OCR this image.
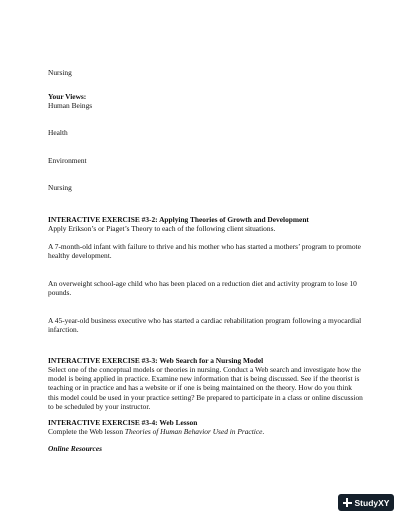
Nursing
Your Views:
Human Beings
Health
Environment
Nursing
INTERACTIVE EXERCISE #3-2: Applying Theories of Growth and Development
Apply Erikson’s or Piaget’s Theory to each of the following client situations.
A 7-month-old infant with failure to thrive and his mother who has started a mothers’ program to promote healthy development.
An overweight school-age child who has been placed on a reduction diet and activity program to lose 10 pounds.
A 45-year-old business executive who has started a cardiac rehabilitation program following a myocardial infarction.
INTERACTIVE EXERCISE #3-3: Web Search for a Nursing Model
Select one of the conceptual models or theories in nursing. Conduct a Web search and investigate how the model is being applied in practice. Examine new information that is being discussed. See if the theorist is teaching or in practice and has a website or if one is being maintained on the theory. How do you think this model could be used in your practice setting? Be prepared to participate in a class or online discussion to be scheduled by your instructor.
INTERACTIVE EXERCISE #3-4: Web Lesson
Complete the Web lesson Theories of Human Behavior Used in Practice.
Online Resources
StudyXY
